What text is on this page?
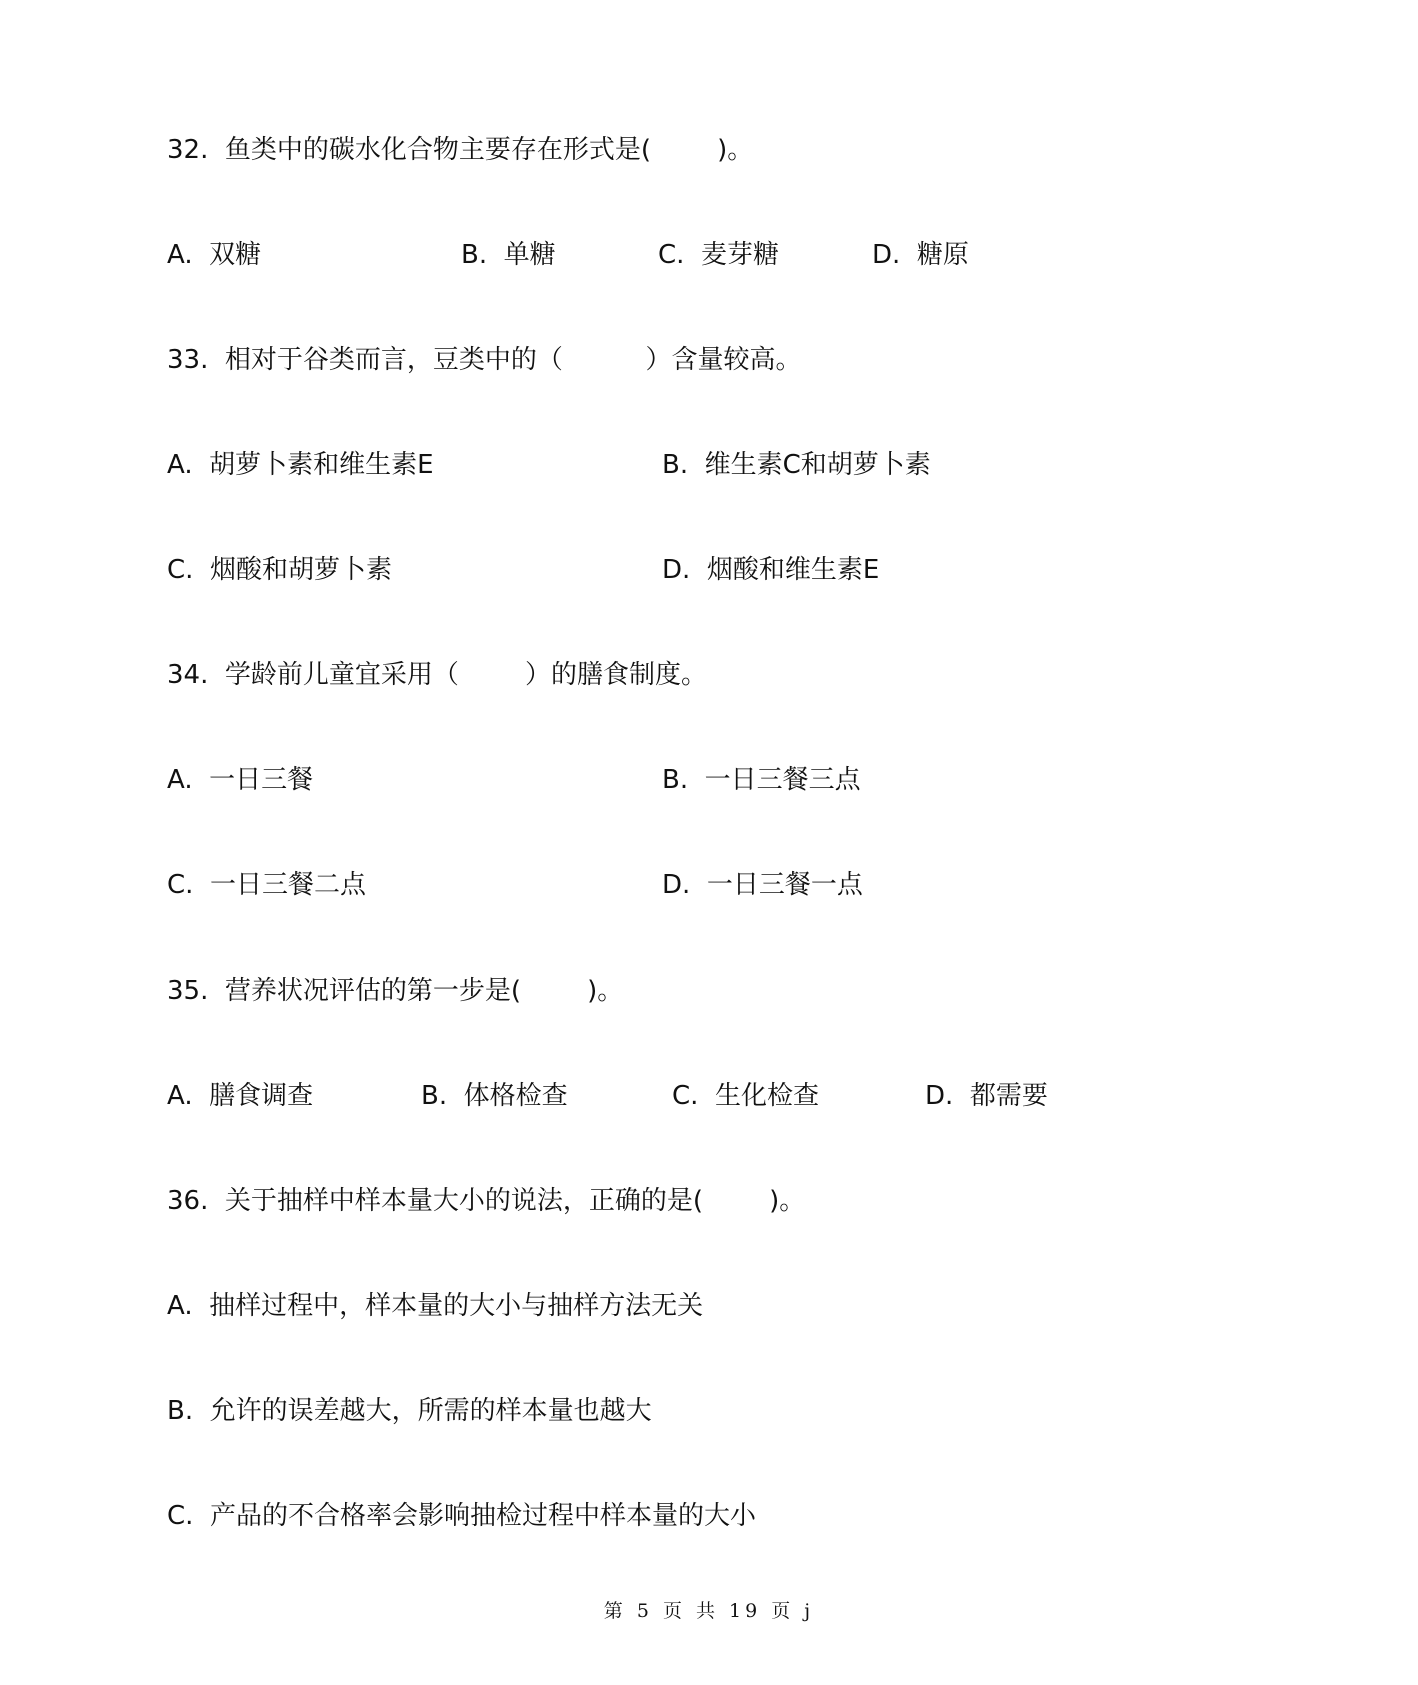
32.  鱼类中的碳水化合物主要存在形式是(        )。
A.  双糖	B.  单糖	C.  麦芽糖	D.  糖原
33.  相对于谷类而言，豆类中的（          ）含量较高。
A.  胡萝卜素和维生素E	B.  维生素C和胡萝卜素
C.  烟酸和胡萝卜素	D.  烟酸和维生素E
34.  学龄前儿童宜采用（        ）的膳食制度。
A.  一日三餐	B.  一日三餐三点
C.  一日三餐二点	D.  一日三餐一点
35.  营养状况评估的第一步是(        )。
A.  膳食调查	B.  体格检查	C.  生化检查	D.  都需要
36.  关于抽样中样本量大小的说法，正确的是(        )。
A.  抽样过程中，样本量的大小与抽样方法无关
B.  允许的误差越大，所需的样本量也越大
C.  产品的不合格率会影响抽检过程中样本量的大小
第 5 页 共 19 页 j
